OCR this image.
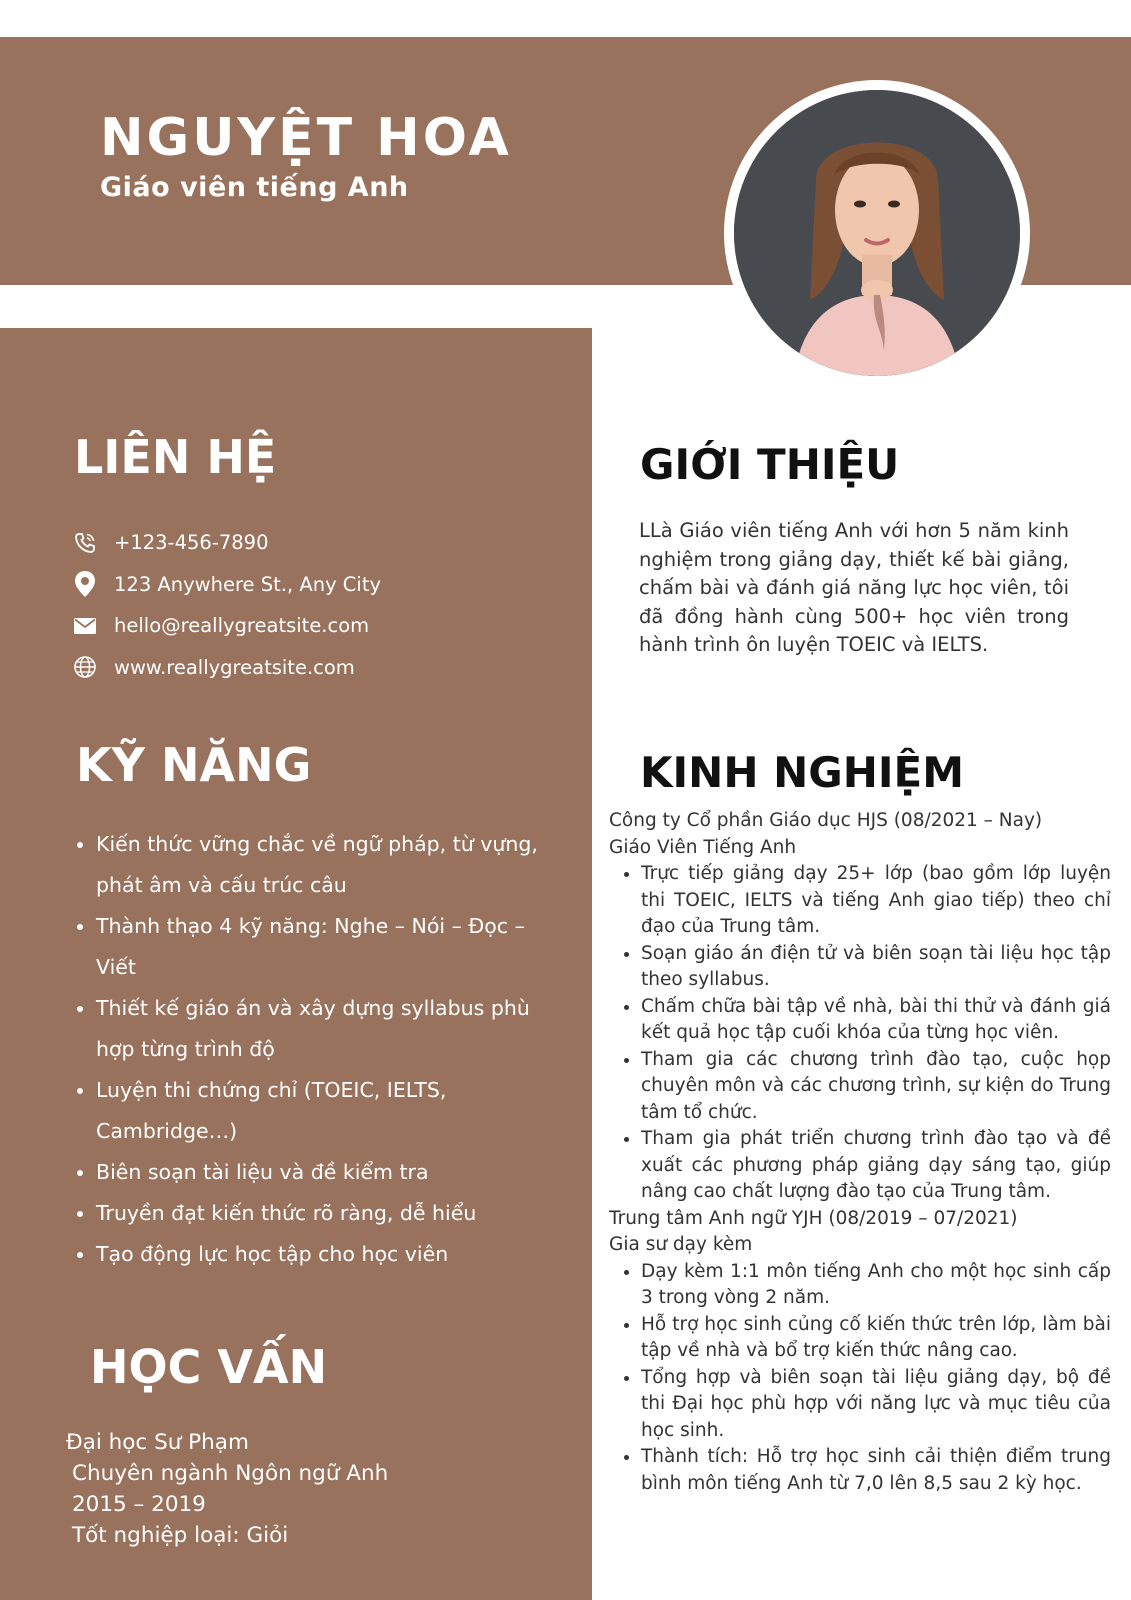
NGUYỆT HOA
Giáo viên tiếng Anh
LIÊN HỆ
+123-456-7890
123 Anywhere St., Any City
hello@reallygreatsite.com
www.reallygreatsite.com
KỸ NĂNG
• Kiến thức vững chắc về ngữ pháp, từ vựng, phát âm và cấu trúc câu
• Thành thạo 4 kỹ năng: Nghe – Nói – Đọc – Viết
• Thiết kế giáo án và xây dựng syllabus phù hợp từng trình độ
• Luyện thi chứng chỉ (TOEIC, IELTS, Cambridge…)
• Biên soạn tài liệu và đề kiểm tra
• Truyền đạt kiến thức rõ ràng, dễ hiểu
• Tạo động lực học tập cho học viên
HỌC VẤN
Đại học Sư Phạm
Chuyên ngành Ngôn ngữ Anh
2015 – 2019
Tốt nghiệp loại: Giỏi
GIỚI THIỆU

LLà Giáo viên tiếng Anh với hơn 5 năm kinh nghiệm trong giảng dạy, thiết kế bài giảng, chấm bài và đánh giá năng lực học viên, tôi đã đồng hành cùng 500+ học viên trong hành trình ôn luyện TOEIC và IELTS.

KINH NGHIỆM
Công ty Cổ phần Giáo dục HJS (08/2021 – Nay)
Giáo Viên Tiếng Anh
• Trực tiếp giảng dạy 25+ lớp (bao gồm lớp luyện thi TOEIC, IELTS và tiếng Anh giao tiếp) theo chỉ đạo của Trung tâm.
• Soạn giáo án điện tử và biên soạn tài liệu học tập theo syllabus.
• Chấm chữa bài tập về nhà, bài thi thử và đánh giá kết quả học tập cuối khóa của từng học viên.
• Tham gia các chương trình đào tạo, cuộc họp chuyên môn và các chương trình, sự kiện do Trung tâm tổ chức.
• Tham gia phát triển chương trình đào tạo và đề xuất các phương pháp giảng dạy sáng tạo, giúp nâng cao chất lượng đào tạo của Trung tâm.
Trung tâm Anh ngữ YJH (08/2019 – 07/2021)
Gia sư dạy kèm
• Dạy kèm 1:1 môn tiếng Anh cho một học sinh cấp 3 trong vòng 2 năm.
• Hỗ trợ học sinh củng cố kiến thức trên lớp, làm bài tập về nhà và bổ trợ kiến thức nâng cao.
• Tổng hợp và biên soạn tài liệu giảng dạy, bộ đề thi Đại học phù hợp với năng lực và mục tiêu của học sinh.
• Thành tích: Hỗ trợ học sinh cải thiện điểm trung bình môn tiếng Anh từ 7,0 lên 8,5 sau 2 kỳ học.
